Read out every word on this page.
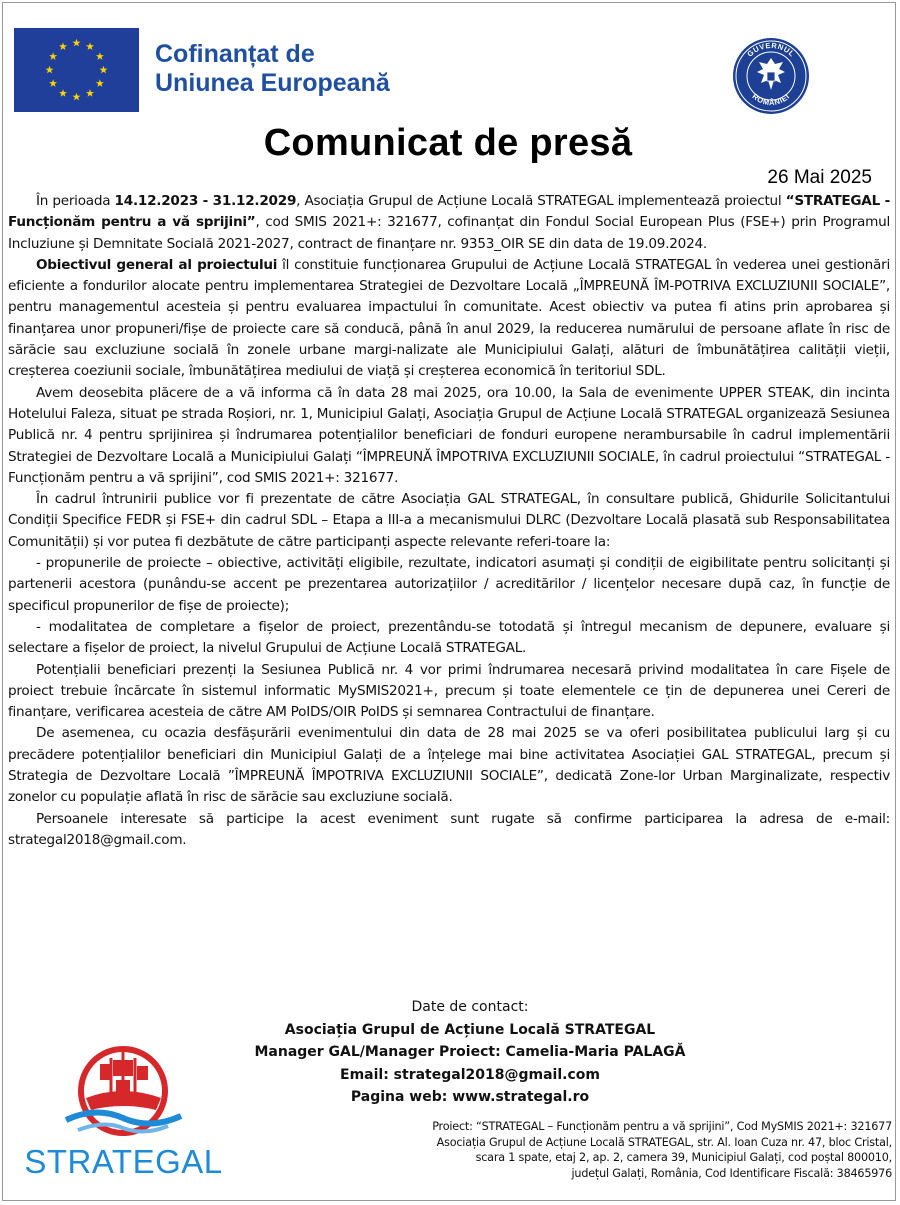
Cofinanțat de
Uniunea Europeană
GUVERNUL
ROMÂNIEI
Comunicat de presă
26 Mai 2025

În perioada 14.12.2023 - 31.12.2029, Asociația Grupul de Acțiune Locală STRATEGAL implementează proiectul “STRATEGAL - Funcționăm pentru a vă sprijini”, cod SMIS 2021+: 321677, cofinanțat din Fondul Social European Plus (FSE+) prin Programul Incluziune și Demnitate Socială 2021-2027, contract de finanțare nr. 9353_OIR SE din data de 19.09.2024.

Obiectivul general al proiectului îl constituie funcționarea Grupului de Acțiune Locală STRATEGAL în vederea unei gestionări eficiente a fondurilor alocate pentru implementarea Strategiei de Dezvoltare Locală „ÎMPREUNĂ ÎM-POTRIVA EXCLUZIUNII SOCIALE”, pentru managementul acesteia și pentru evaluarea impactului în comunitate. Acest obiectiv va putea fi atins prin aprobarea și finanțarea unor propuneri/fișe de proiecte care să conducă, până în anul 2029, la reducerea numărului de persoane aflate în risc de sărăcie sau excluziune socială în zonele urbane margi-nalizate ale Municipiului Galați, alături de îmbunătățirea calității vieții, creșterea coeziunii sociale, îmbunătățirea mediului de viață și creșterea economică în teritoriul SDL.

Avem deosebita plăcere de a vă informa că în data 28 mai 2025, ora 10.00, la Sala de evenimente UPPER STEAK, din incinta Hotelului Faleza, situat pe strada Roșiori, nr. 1, Municipiul Galați, Asociația Grupul de Acțiune Locală STRATEGAL organizează Sesiunea Publică nr. 4 pentru sprijinirea și îndrumarea potențialilor beneficiari de fonduri europene nerambursabile în cadrul implementării Strategiei de Dezvoltare Locală a Municipiului Galați “ÎMPREUNĂ ÎMPOTRIVA EXCLUZIUNII SOCIALE, în cadrul proiectului “STRATEGAL - Funcționăm pentru a vă sprijini”, cod SMIS 2021+: 321677.

În cadrul întrunirii publice vor fi prezentate de către Asociația GAL STRATEGAL, în consultare publică, Ghidurile Solicitantului Condiții Specifice FEDR și FSE+ din cadrul SDL – Etapa a III-a a mecanismului DLRC (Dezvoltare Locală plasată sub Responsabilitatea Comunității) și vor putea fi dezbătute de către participanți aspecte relevante referi-toare la:

- propunerile de proiecte – obiective, activități eligibile, rezultate, indicatori asumați și condiții de eigibilitate pentru solicitanți și partenerii acestora (punându-se accent pe prezentarea autorizațiilor / acreditărilor / licențelor necesare după caz, în funcție de specificul propunerilor de fișe de proiecte);

- modalitatea de completare a fișelor de proiect, prezentându-se totodată și întregul mecanism de depunere, evaluare și selectare a fișelor de proiect, la nivelul Grupului de Acțiune Locală STRATEGAL.

Potențialii beneficiari prezenți la Sesiunea Publică nr. 4 vor primi îndrumarea necesară privind modalitatea în care Fișele de proiect trebuie încărcate în sistemul informatic MySMIS2021+, precum și toate elementele ce țin de depunerea unei Cereri de finanțare, verificarea acesteia de către AM PoIDS/OIR PoIDS și semnarea Contractului de finanțare.

De asemenea, cu ocazia desfășurării evenimentului din data de 28 mai 2025 se va oferi posibilitatea publicului larg și cu precădere potențialilor beneficiari din Municipiul Galați de a înțelege mai bine activitatea Asociației GAL STRATEGAL, precum și Strategia de Dezvoltare Locală ”ÎMPREUNĂ ÎMPOTRIVA EXCLUZIUNII SOCIALE”, dedicată Zone-lor Urban Marginalizate, respectiv zonelor cu populație aflată în risc de sărăcie sau excluziune socială.

Persoanele interesate să participe la acest eveniment sunt rugate să confirme participarea la adresa de e-mail: strategal2018@gmail.com.

Date de contact:
Asociația Grupul de Acțiune Locală STRATEGAL
Manager GAL/Manager Proiect: Camelia-Maria PALAGĂ
Email: strategal2018@gmail.com
Pagina web: www.strategal.ro
STRATEGAL
Proiect: “STRATEGAL – Funcționăm pentru a vă sprijini”, Cod MySMIS 2021+: 321677
Asociația Grupul de Acțiune Locală STRATEGAL, str. Al. Ioan Cuza nr. 47, bloc Cristal,
scara 1 spate, etaj 2, ap. 2, camera 39, Municipiul Galați, cod poștal 800010,
județul Galați, România, Cod Identificare Fiscală: 38465976
